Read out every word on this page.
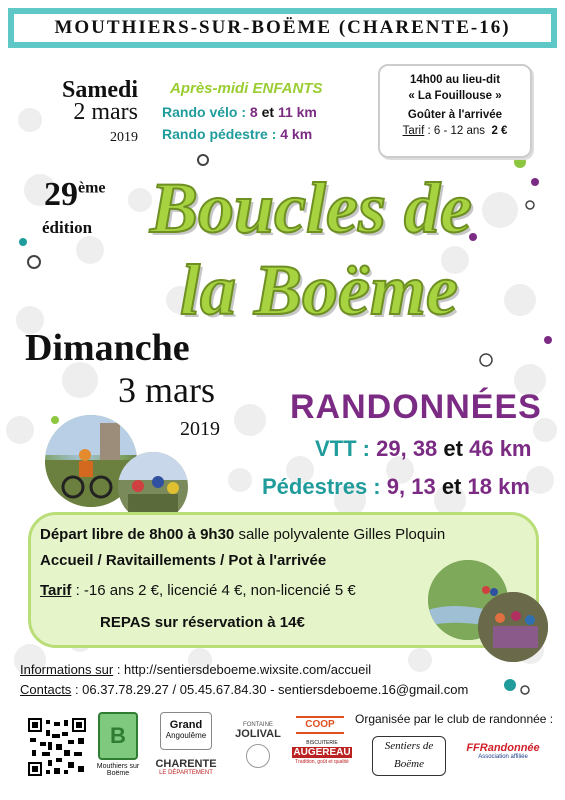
MOUTHIERS-SUR-BOËME (CHARENTE-16)
Samedi
2 mars
2019
Après-midi ENFANTS
Rando vélo : 8 et 11 km
Rando pédestre : 4 km
14h00 au lieu-dit
« La Fouillouse »
Goûter à l'arrivée
Tarif : 6 - 12 ans 2 €
29ème
édition Boucles de
la Boëme
Dimanche
3 mars
2019
RANDONNÉES
VTT : 29, 38 et 46 km
Pédestres : 9, 13 et 18 km
Départ libre de 8h00 à 9h30 salle polyvalente Gilles Ploquin
Accueil / Ravitaillements / Pot à l'arrivée
Tarif : -16 ans 2 €, licencié 4 €, non-licencié 5 €
REPAS sur réservation à 14€
Informations sur : http://sentiersdeboeme.wixsite.com/accueil
Contacts : 06.37.78.29.27 / 05.45.67.84.30 - sentiersdeboeme.16@gmail.com
B
Mouthiers sur Boëme
Grand
Angoulême
CHARENTE
LE DÉPARTEMENT
FONTAINE
JOLIVAL
COOP
BISCUITERIE
AUGEREAU
Tradition, goût et qualité
Organisée par le club de randonnée :
Sentiers de Boëme
FFRandonnée
Association affiliée
